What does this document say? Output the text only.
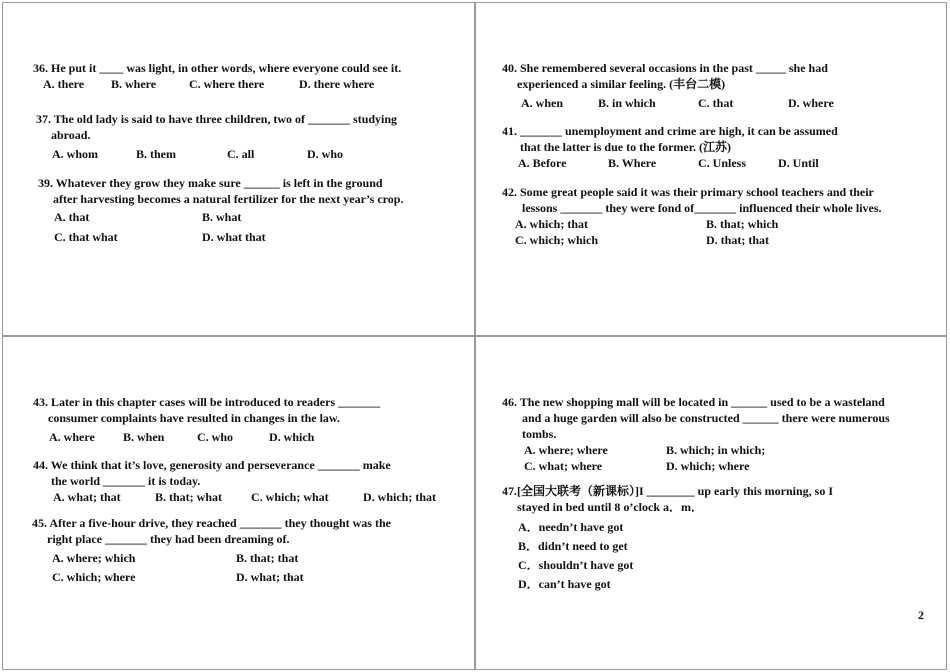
36. He put it ____ was light, in other words, where everyone could see it.
A. there B. where	C. where there	D. there where
37. The old lady is said to have three children, two of _______ studying
abroad.
A. whom	B. them	C. all	D. who
39. Whatever they grow they make sure ______ is left in the ground
after harvesting becomes a natural fertilizer for the next year’s crop.
A. that	B. what
C. that what	D. what that
40. She remembered several occasions in the past _____ she had
experienced a similar feeling. (丰台二模)
A. when	B. in which	C. that	D. where
41. _______ unemployment and crime are high, it can be assumed
that the latter is due to the former. (江苏)
A. Before	B. Where	C. Unless	D. Until
42. Some great people said it was their primary school teachers and their
lessons _______ they were fond of_______ influenced their whole lives.
A. which; that	B. that; which
C. which; which	D. that; that
43. Later in this chapter cases will be introduced to readers _______
consumer complaints have resulted in changes in the law.
A. where B. when	C. who	D. which
44. We think that it’s love, generosity and perseverance _______ make
the world _______ it is today.
A. what; that	B. that; what C. which; what	D. which; that
45. After a five-hour drive, they reached _______ they thought was the
right place _______ they had been dreaming of.
A. where; which	B. that; that
C. which; where	D. what; that
46. The new shopping mall will be located in ______ used to be a wasteland
and a huge garden will also be constructed ______ there were numerous
tombs.
A. where; where	B. which; in which;
C. what; where	D. which; where
47.[全国大联考（新课标）]I ________ up early this morning, so I
stayed in bed until 8 o’clock a．m．
A．needn’t have got
B．didn’t need to get
C．shouldn’t have got
D．can’t have got
2
